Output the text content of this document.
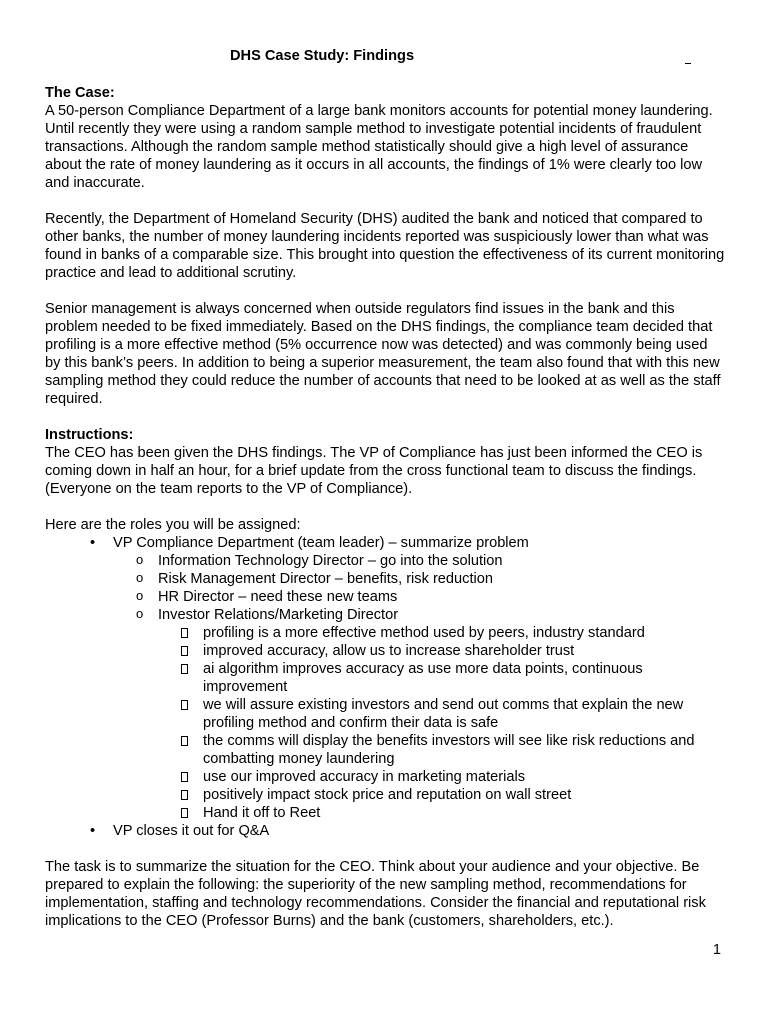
DHS Case Study: Findings
The Case:

A 50-person Compliance Department of a large bank monitors accounts for potential money laundering. Until recently they were using a random sample method to investigate potential incidents of fraudulent transactions. Although the random sample method statistically should give a high level of assurance about the rate of money laundering as it occurs in all accounts, the findings of 1% were clearly too low and inaccurate.

Recently, the Department of Homeland Security (DHS) audited the bank and noticed that compared to other banks, the number of money laundering incidents reported was suspiciously lower than what was found in banks of a comparable size. This brought into question the effectiveness of its current monitoring practice and lead to additional scrutiny.

Senior management is always concerned when outside regulators find issues in the bank and this problem needed to be fixed immediately. Based on the DHS findings, the compliance team decided that profiling is a more effective method (5% occurrence now was detected) and was commonly being used by this bank’s peers. In addition to being a superior measurement, the team also found that with this new sampling method they could reduce the number of accounts that need to be looked at as well as the staff required.

Instructions:

The CEO has been given the DHS findings. The VP of Compliance has just been informed the CEO is coming down in half an hour, for a brief update from the cross functional team to discuss the findings. (Everyone on the team reports to the VP of Compliance).

Here are the roles you will be assigned:

• VP Compliance Department (team leader) – summarize problem
o Information Technology Director – go into the solution
o Risk Management Director – benefits, risk reduction
o HR Director – need these new teams
o Investor Relations/Marketing Director
profiling is a more effective method used by peers, industry standard
improved accuracy, allow us to increase shareholder trust
ai algorithm improves accuracy as use more data points, continuous improvement
we will assure existing investors and send out comms that explain the new profiling method and confirm their data is safe
the comms will display the benefits investors will see like risk reductions and combatting money laundering
use our improved accuracy in marketing materials
positively impact stock price and reputation on wall street
Hand it off to Reet
• VP closes it out for Q&A

The task is to summarize the situation for the CEO. Think about your audience and your objective. Be prepared to explain the following: the superiority of the new sampling method, recommendations for implementation, staffing and technology recommendations. Consider the financial and reputational risk implications to the CEO (Professor Burns) and the bank (customers, shareholders, etc.).

1
